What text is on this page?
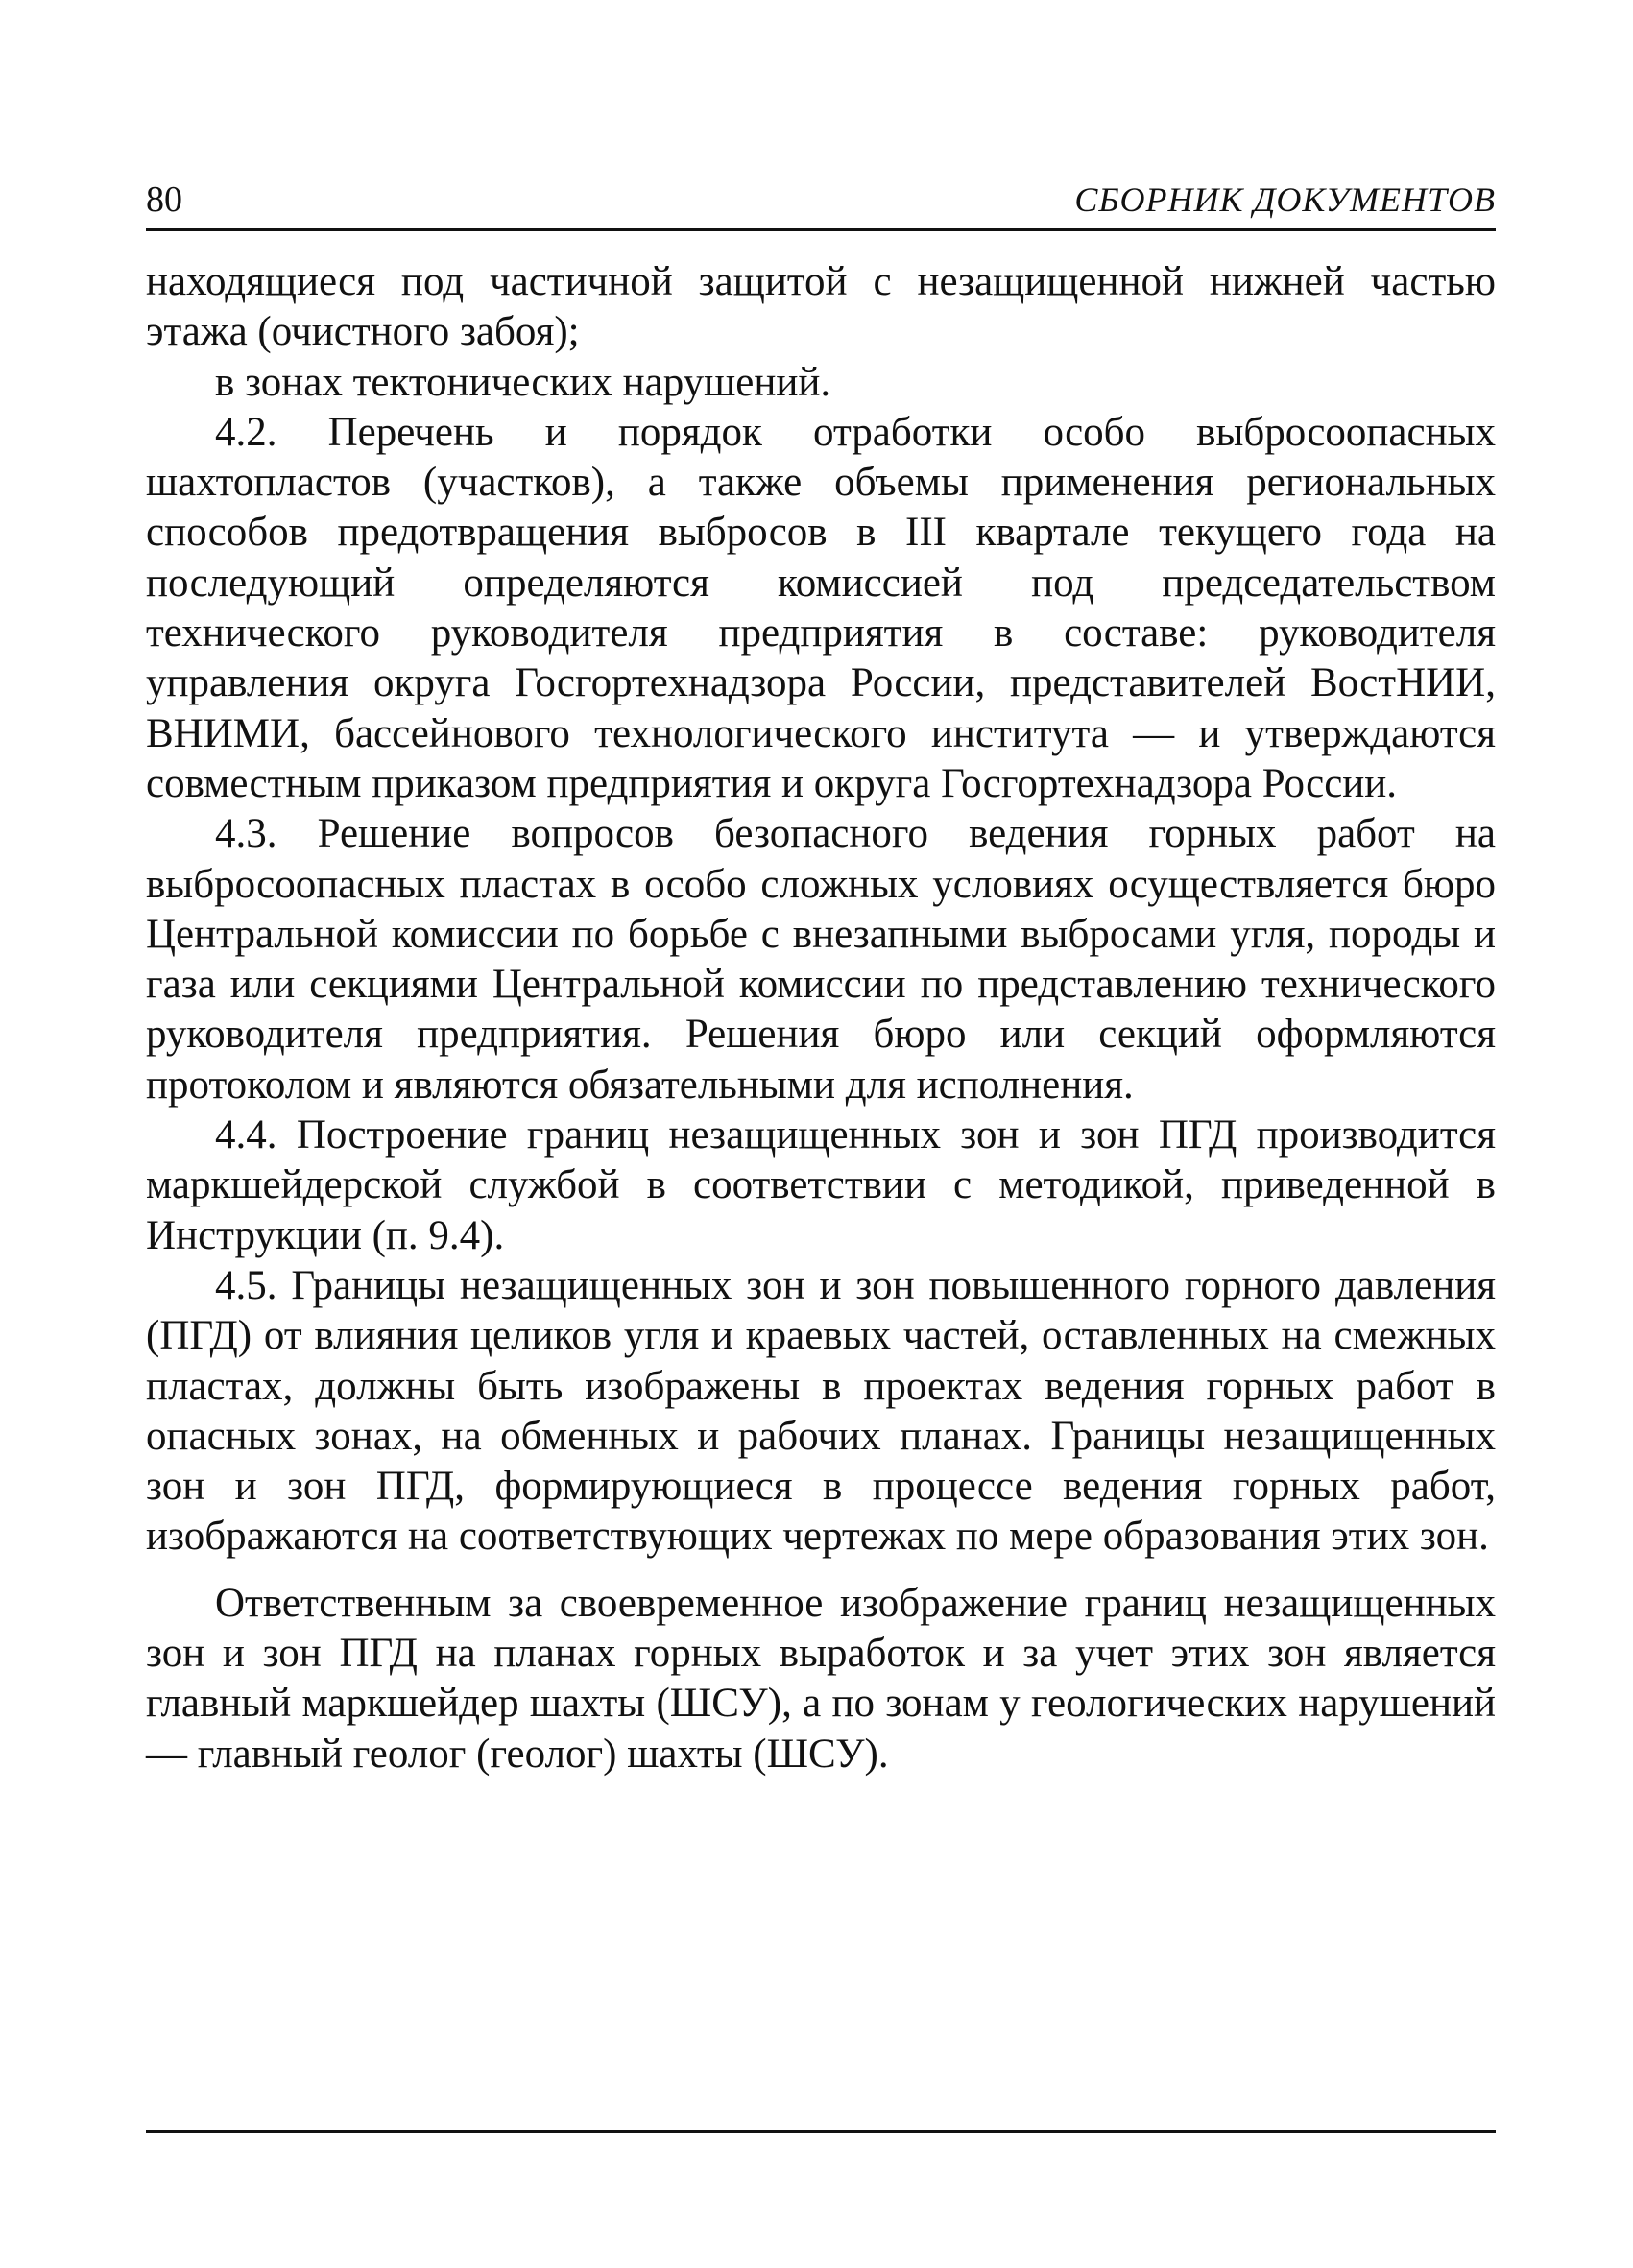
80	СБОРНИК ДОКУМЕНТОВ

находящиеся под частичной защитой с незащищенной нижней частью этажа (очистного забоя);

в зонах тектонических нарушений.

4.2. Перечень и порядок отработки особо выбросоопасных шахтопластов (участков), а также объемы применения региональных способов предотвращения выбросов в III квартале текущего года на последующий определяются комиссией под председательством технического руководителя предприятия в составе: руководителя управления округа Госгортехнадзора России, представителей ВостНИИ, ВНИМИ, бассейнового технологического института — и утверждаются совместным приказом предприятия и округа Госгортехнадзора России.

4.3. Решение вопросов безопасного ведения горных работ на выбросоопасных пластах в особо сложных условиях осуществляется бюро Центральной комиссии по борьбе с внезапными выбросами угля, породы и газа или секциями Центральной комиссии по представлению технического руководителя предприятия. Решения бюро или секций оформляются протоколом и являются обязательными для исполнения.

4.4. Построение границ незащищенных зон и зон ПГД производится маркшейдерской службой в соответствии с методикой, приведенной в Инструкции (п. 9.4).

4.5. Границы незащищенных зон и зон повышенного горного давления (ПГД) от влияния целиков угля и краевых частей, оставленных на смежных пластах, должны быть изображены в проектах ведения горных работ в опасных зонах, на обменных и рабочих планах. Границы незащищенных зон и зон ПГД, формирующиеся в процессе ведения горных работ, изображаются на соответствующих чертежах по мере образования этих зон.

Ответственным за своевременное изображение границ незащищенных зон и зон ПГД на планах горных выработок и за учет этих зон является главный маркшейдер шахты (ШСУ), а по зонам у геологических нарушений — главный геолог (геолог) шахты (ШСУ).
